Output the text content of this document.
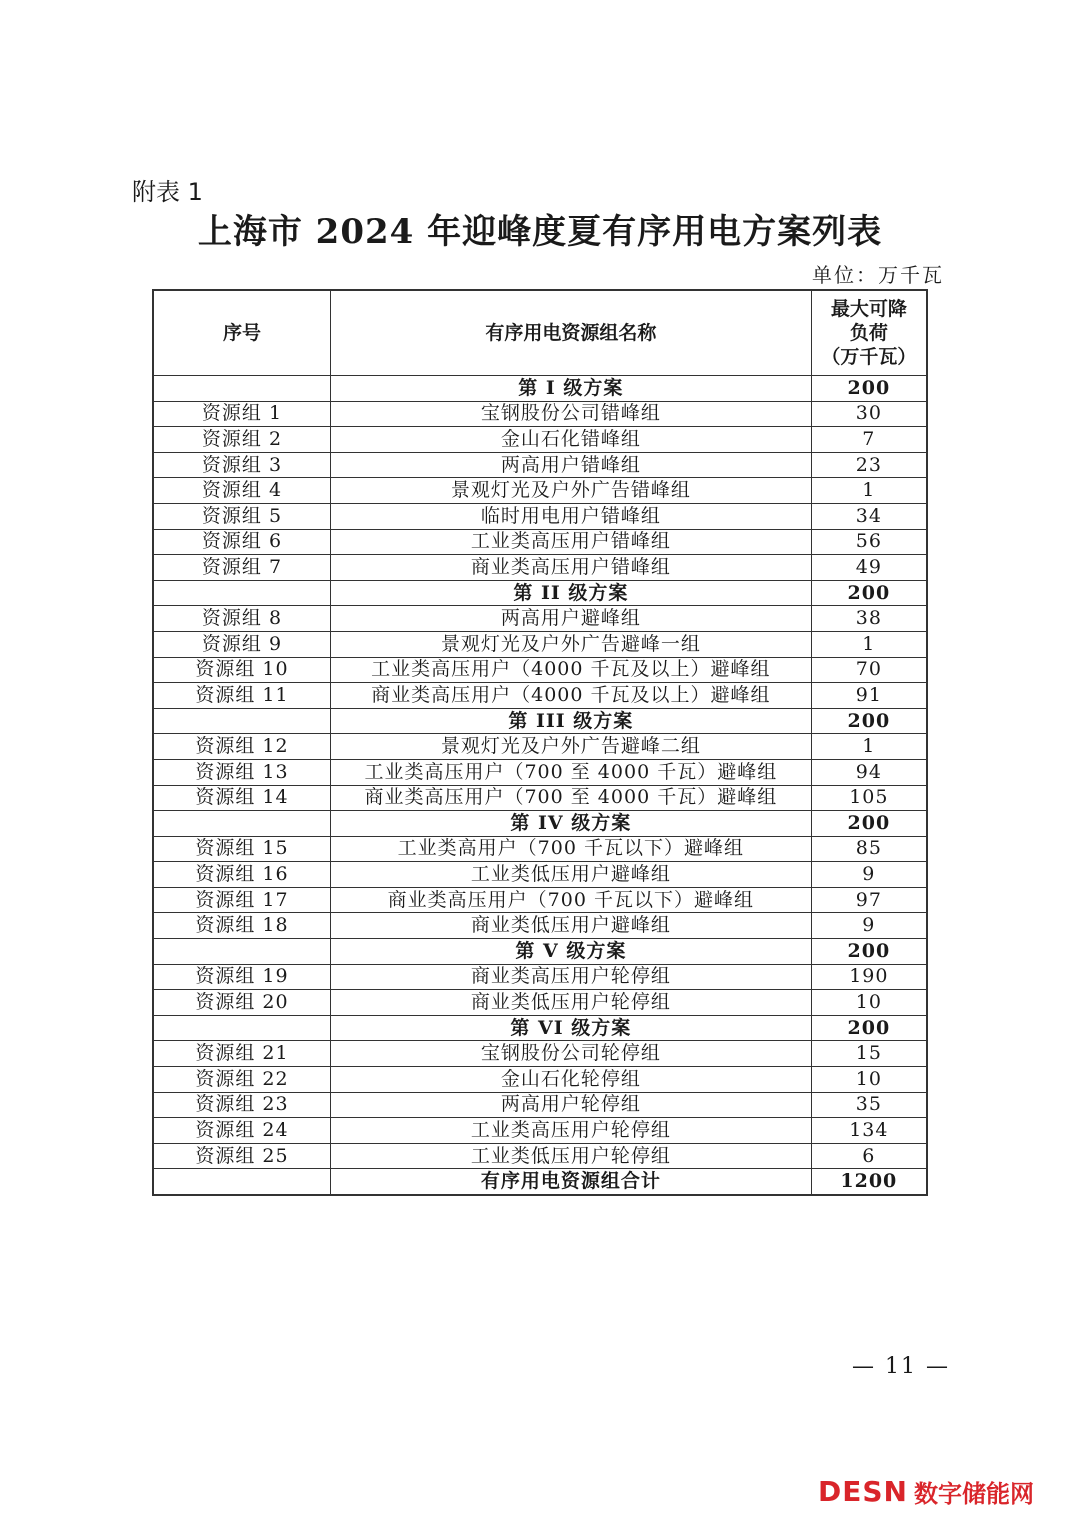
附表 1
上海市 2024 年迎峰度夏有序用电方案列表
单位：万千瓦
序号	有序用电资源组名称	最大可降
负荷
（万千瓦）

	第 I 级方案	200
资源组 1	宝钢股份公司错峰组	30
资源组 2	金山石化错峰组	7
资源组 3	两高用户错峰组	23
资源组 4	景观灯光及户外广告错峰组	1
资源组 5	临时用电用户错峰组	34
资源组 6	工业类高压用户错峰组	56
资源组 7	商业类高压用户错峰组	49
	第 II 级方案	200
资源组 8	两高用户避峰组	38
资源组 9	景观灯光及户外广告避峰一组	1
资源组 10	工业类高压用户（4000 千瓦及以上）避峰组	70
资源组 11	商业类高压用户（4000 千瓦及以上）避峰组	91
	第 III 级方案	200
资源组 12	景观灯光及户外广告避峰二组	1
资源组 13	工业类高压用户（700 至 4000 千瓦）避峰组	94
资源组 14	商业类高压用户（700 至 4000 千瓦）避峰组	105
	第 IV 级方案	200
资源组 15	工业类高用户（700 千瓦以下）避峰组	85
资源组 16	工业类低压用户避峰组	9
资源组 17	商业类高压用户（700 千瓦以下）避峰组	97
资源组 18	商业类低压用户避峰组	9
	第 V 级方案	200
资源组 19	商业类高压用户轮停组	190
资源组 20	商业类低压用户轮停组	10
	第 VI 级方案	200
资源组 21	宝钢股份公司轮停组	15
资源组 22	金山石化轮停组	10
资源组 23	两高用户轮停组	35
资源组 24	工业类高压用户轮停组	134
资源组 25	工业类低压用户轮停组	6
	有序用电资源组合计	1200
— 11 —
DESN 数字储能网
